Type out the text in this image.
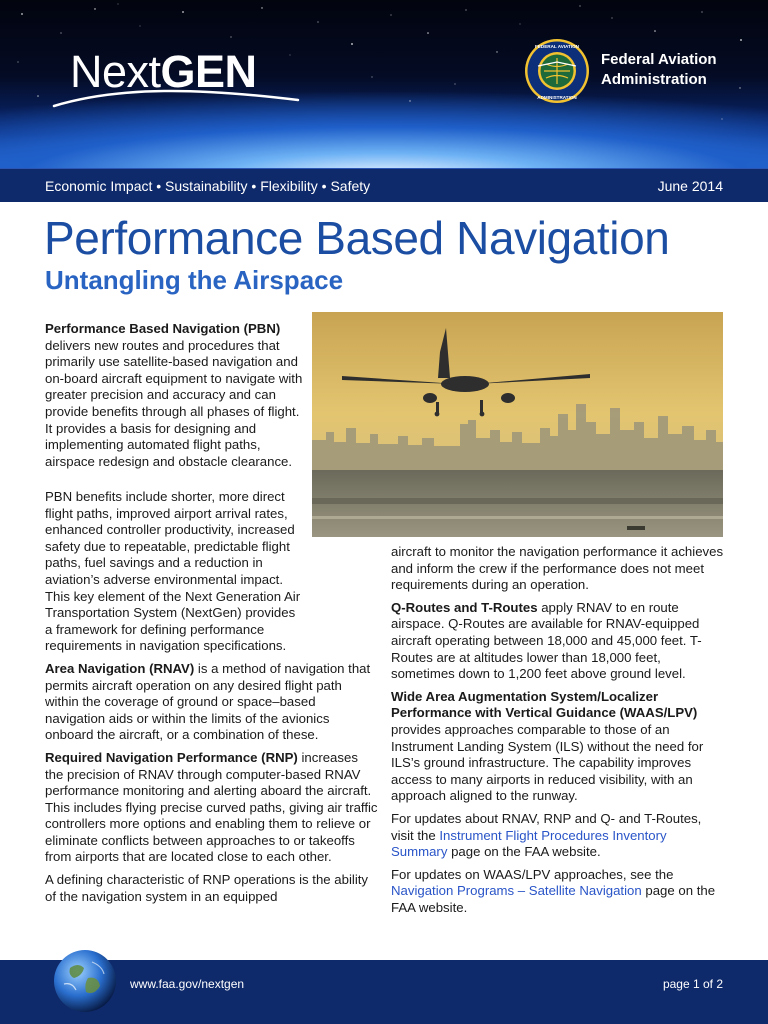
NextGEN	FEDERAL AVIATION
ADMINISTRATION
Federal Aviation
Administration
Economic Impact • Sustainability • Flexibility • Safety	June 2014
Performance Based Navigation
Untangling the Airspace

Performance Based Navigation (PBN)
delivers new routes and procedures that primarily use satellite-based navigation and on-board aircraft equipment to navigate with greater precision and accuracy and can provide benefits through all phases of flight. It provides a basis for designing and implementing automated flight paths, airspace redesign and obstacle clearance.

PBN benefits include shorter, more direct flight paths, improved airport arrival rates, enhanced controller productivity, increased safety due to repeatable, predictable flight paths, fuel savings and a reduction in aviation’s adverse environmental impact. This key element of the Next Generation Air Transportation System (NextGen) provides a framework for defining performance requirements in navigation specifications.

Area Navigation (RNAV) is a method of navigation that permits aircraft operation on any desired flight path within the coverage of ground or space–based navigation aids or within the limits of the avionics onboard the aircraft, or a combination of these.

Required Navigation Performance (RNP) increases the precision of RNAV through computer-based RNAV performance monitoring and alerting aboard the aircraft. This includes flying precise curved paths, giving air traffic controllers more options and enabling them to relieve or eliminate conflicts between approaches to or takeoffs from airports that are located close to each other.

A defining characteristic of RNP operations is the ability of the navigation system in an equipped

aircraft to monitor the navigation performance it achieves and inform the crew if the performance does not meet requirements during an operation.

Q-Routes and T-Routes apply RNAV to en route airspace. Q-Routes are available for RNAV-equipped aircraft operating between 18,000 and 45,000 feet. T-Routes are at altitudes lower than 18,000 feet, sometimes down to 1,200 feet above ground level.

Wide Area Augmentation System/Localizer Performance with Vertical Guidance (WAAS/LPV) provides approaches comparable to those of an Instrument Landing System (ILS) without the need for ILS’s ground infrastructure. The capability improves access to many airports in reduced visibility, with an approach aligned to the runway.

For updates about RNAV, RNP and Q- and T-Routes, visit the Instrument Flight Procedures Inventory Summary page on the FAA website.

For updates on WAAS/LPV approaches, see the Navigation Programs – Satellite Navigation page on the FAA website.

www.faa.gov/nextgen	page 1 of 2
